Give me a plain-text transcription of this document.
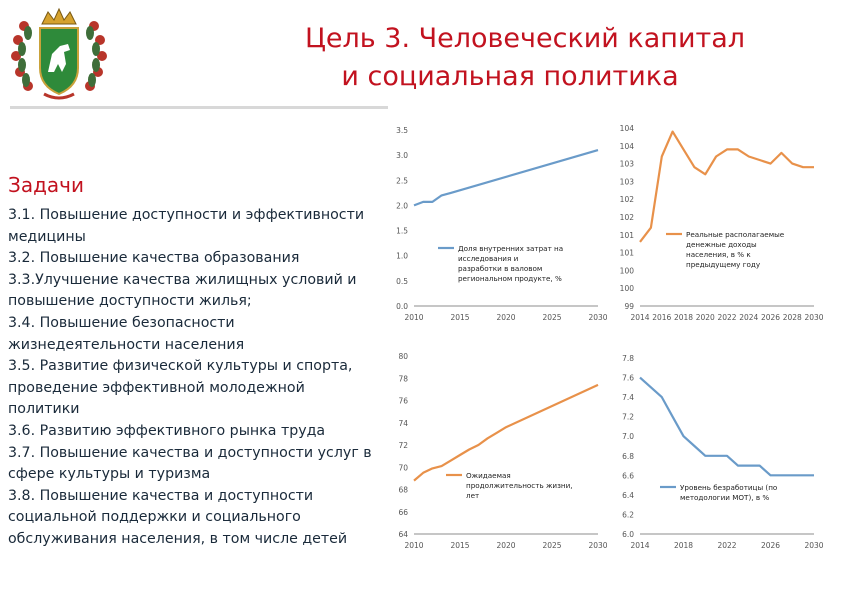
Цель 3. Человеческий капитал
и социальная политика
Задачи
3.1. Повышение доступности и эффективности
медицины
3.2. Повышение качества образования
3.3.Улучшение качества жилищных условий и
повышение доступности жилья;
3.4. Повышение безопасности
жизнедеятельности населения
3.5. Развитие физической культуры и спорта,
проведение эффективной молодежной
политики
3.6. Развитию эффективного рынка труда
3.7. Повышение качества и доступности услуг в
сфере культуры и туризма
3.8. Повышение качества и доступности
социальной поддержки и социального
обслуживания населения, в том числе детей
0.0
0.5
1.0
1.5
2.0
2.5
3.0
3.5
2010	2015	2020	2025	2030
Доля внутренних затрат на
исследования и
разработки в валовом
региональном продукте, %
99
100
100
101
101
102
102
103
103
104
104
2014 2016 2018 2020 2022 2024 2026 2028 2030
Реальные располагаемые
денежные доходы
населения, в % к
предыдущему году
64
66
68
70
72
74
76
78
80
2010	2015	2020	2025	2030
Ожидаемая
продолжительность жизни,
лет
6.0
6.2
6.4
6.6
6.8
7.0
7.2
7.4
7.6
7.8
2014	2018	2022	2026	2030
Уровень безработицы (по
методологии МОТ), в %
